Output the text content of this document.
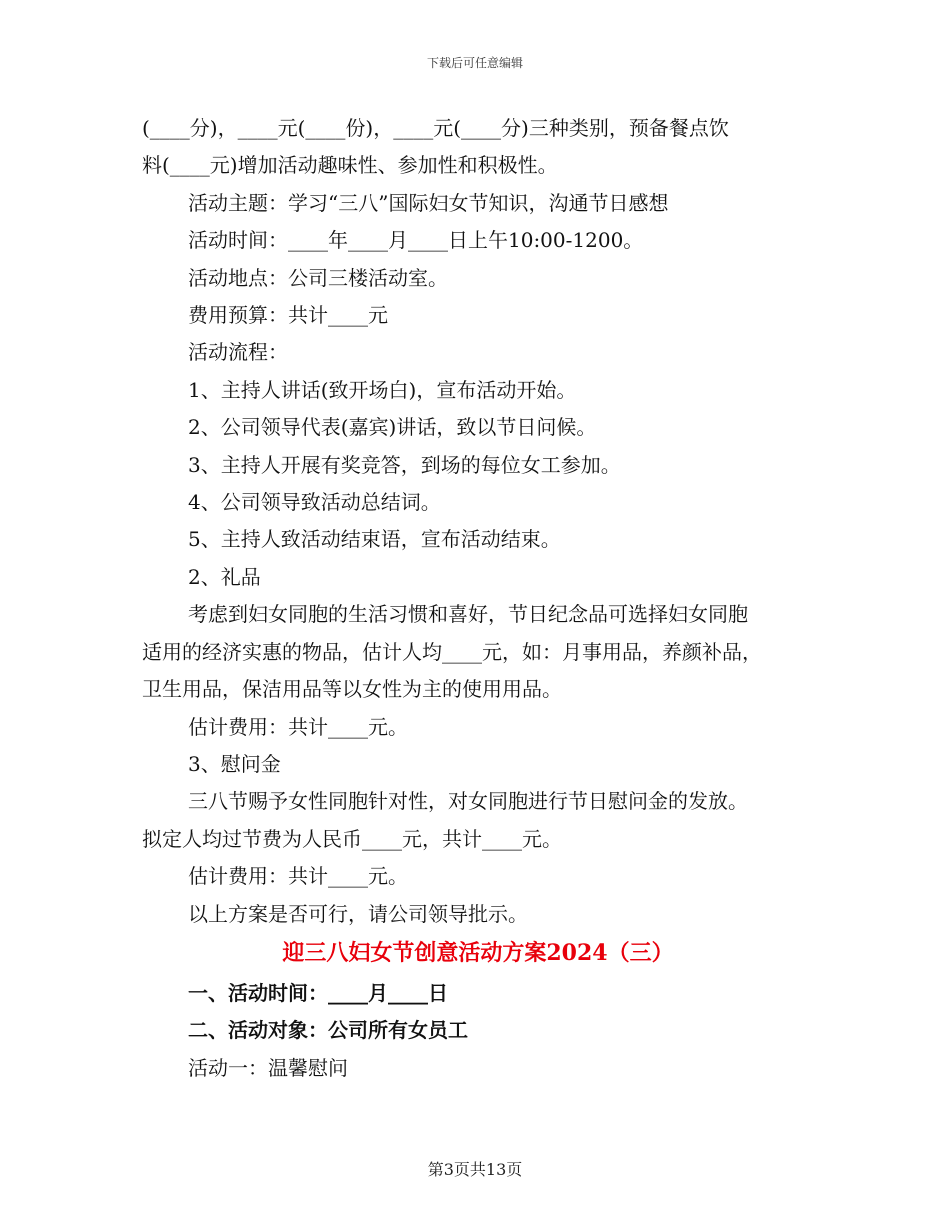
下载后可任意编辑
(____分)，____元(____份)，____元(____分)三种类别，预备餐点饮
料(____元)增加活动趣味性、参加性和积极性。
活动主题：学习“三八”国际妇女节知识，沟通节日感想
活动时间：____年____月____日上午10:00-1200。
活动地点：公司三楼活动室。
费用预算：共计____元
活动流程：
1、主持人讲话(致开场白)，宣布活动开始。
2、公司领导代表(嘉宾)讲话，致以节日问候。
3、主持人开展有奖竞答，到场的每位女工参加。
4、公司领导致活动总结词。
5、主持人致活动结束语，宣布活动结束。
2、礼品
考虑到妇女同胞的生活习惯和喜好，节日纪念品可选择妇女同胞
适用的经济实惠的物品，估计人均____元，如：月事用品，养颜补品，
卫生用品，保洁用品等以女性为主的使用用品。
估计费用：共计____元。
3、慰问金
三八节赐予女性同胞针对性，对女同胞进行节日慰问金的发放。
拟定人均过节费为人民币____元，共计____元。
估计费用：共计____元。
以上方案是否可行，请公司领导批示。
迎三八妇女节创意活动方案2024（三）
一、活动时间：____月____日
二、活动对象：公司所有女员工
活动一：温馨慰问
第3页共13页
